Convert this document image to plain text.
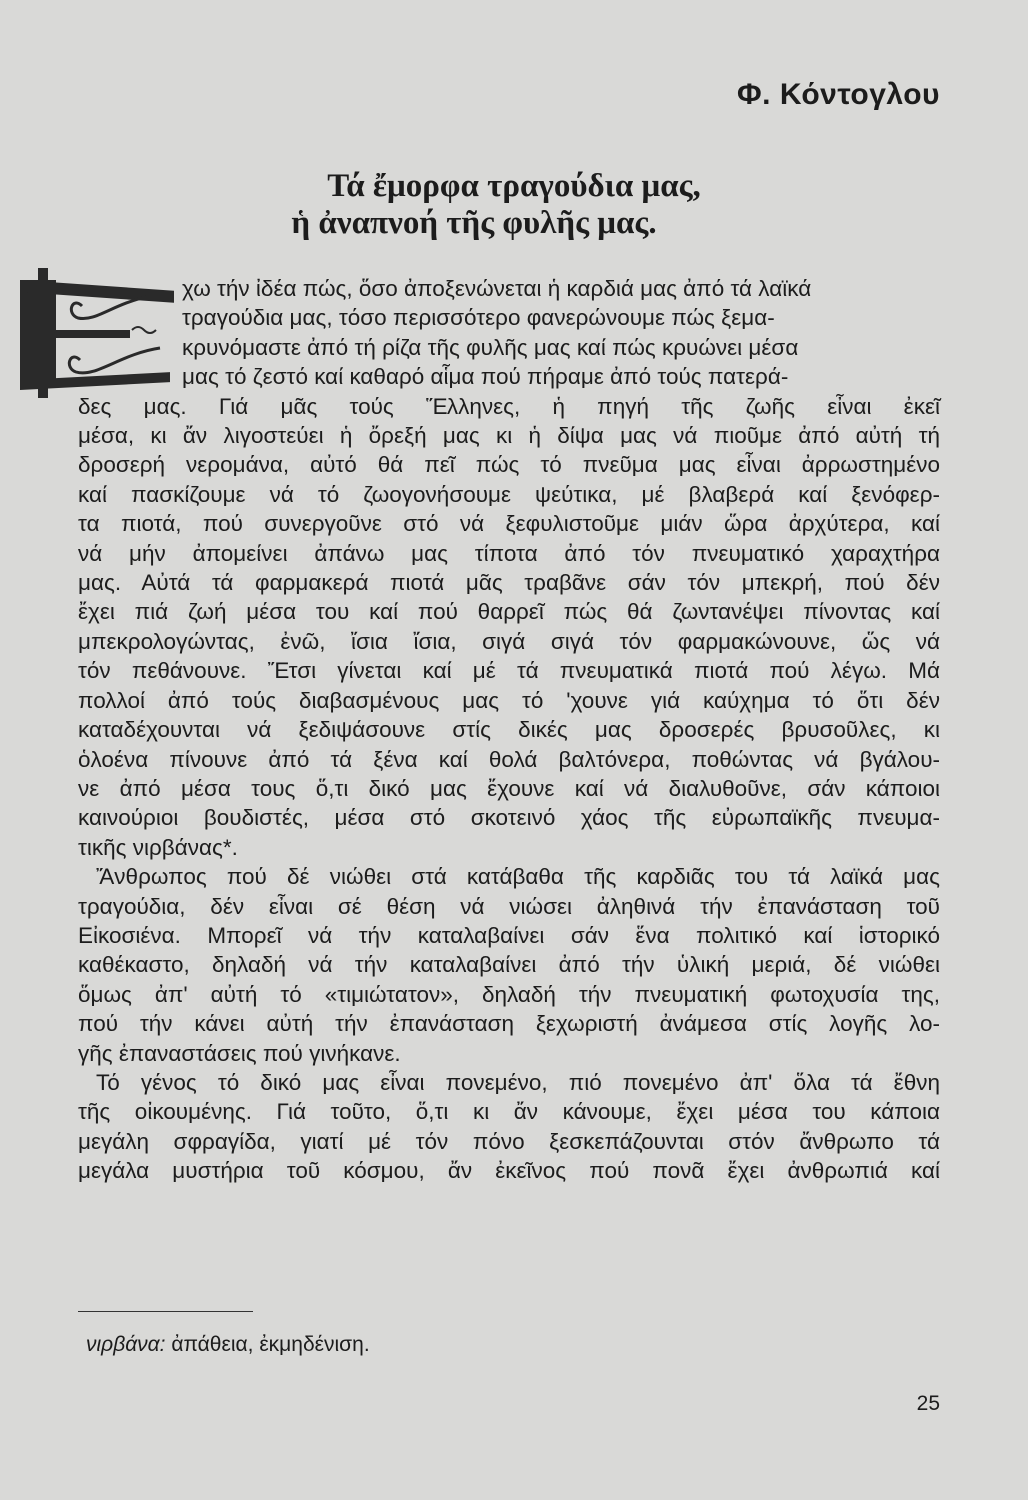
Φ. Κόντογλου
Τά ἔμορφα τραγούδια μας,

ἡ ἀναπνοή τῆς φυλῆς μας.
Ε
χω τήν ἰδέα πώς, ὅσο ἀποξενώνεται ἡ καρδιά μας ἀπό τά λαϊκά
τραγούδια μας, τόσο περισσότερο φανερώνουμε πώς ξεμα-
κρυνόμαστε ἀπό τή ρίζα τῆς φυλῆς μας καί πώς κρυώνει μέσα
μας τό ζεστό καί καθαρό αἷμα πού πήραμε ἀπό τούς πατερά-
δες μας. Γιά μᾶς τούς Ἕλληνες, ἡ πηγή τῆς ζωῆς εἶναι ἐκεῖ
μέσα, κι ἄν λιγοστεύει ἡ ὄρεξή μας κι ἡ δίψα μας νά πιοῦμε ἀπό αὐτή τή
δροσερή νερομάνα, αὐτό θά πεῖ πώς τό πνεῦμα μας εἶναι ἀρρωστημένο
καί πασκίζουμε νά τό ζωογονήσουμε ψεύτικα, μέ βλαβερά καί ξενόφερ-
τα πιοτά, πού συνεργοῦνε στό νά ξεφυλιστοῦμε μιάν ὥρα ἀρχύτερα, καί
νά μήν ἀπομείνει ἀπάνω μας τίποτα ἀπό τόν πνευματικό χαραχτήρα
μας. Αὐτά τά φαρμακερά πιοτά μᾶς τραβᾶνε σάν τόν μπεκρή, πού δέν
ἔχει πιά ζωή μέσα του καί πού θαρρεῖ πώς θά ζωντανέψει πίνοντας καί
μπεκρολογώντας, ἐνῶ, ἴσια ἴσια, σιγά σιγά τόν φαρμακώνουνε, ὥς νά
τόν πεθάνουνε. Ἔτσι γίνεται καί μέ τά πνευματικά πιοτά πού λέγω. Μά
πολλοί ἀπό τούς διαβασμένους μας τό 'χουνε γιά καύχημα τό ὅτι δέν
καταδέχουνται νά ξεδιψάσουνε στίς δικές μας δροσερές βρυσοῦλες, κι
ὁλοένα πίνουνε ἀπό τά ξένα καί θολά βαλτόνερα, ποθώντας νά βγάλου-
νε ἀπό μέσα τους ὅ,τι δικό μας ἔχουνε καί νά διαλυθοῦνε, σάν κάποιοι
καινούριοι βουδιστές, μέσα στό σκοτεινό χάος τῆς εὐρωπαϊκῆς πνευμα-
τικῆς νιρβάνας*.
Ἄνθρωπος πού δέ νιώθει στά κατάβαθα τῆς καρδιᾶς του τά λαϊκά μας
τραγούδια, δέν εἶναι σέ θέση νά νιώσει ἀληθινά τήν ἐπανάσταση τοῦ
Εἰκοσιένα. Μπορεῖ νά τήν καταλαβαίνει σάν ἕνα πολιτικό καί ἱστορικό
καθέκαστο, δηλαδή νά τήν καταλαβαίνει ἀπό τήν ὑλική μεριά, δέ νιώθει
ὅμως ἀπ' αὐτή τό «τιμιώτατον», δηλαδή τήν πνευματική φωτοχυσία της,
πού τήν κάνει αὐτή τήν ἐπανάσταση ξεχωριστή ἀνάμεσα στίς λογῆς λο-
γῆς ἐπαναστάσεις πού γινήκανε.
Τό γένος τό δικό μας εἶναι πονεμένο, πιό πονεμένο ἀπ' ὅλα τά ἔθνη
τῆς οἰκουμένης. Γιά τοῦτο, ὅ,τι κι ἄν κάνουμε, ἔχει μέσα του κάποια
μεγάλη σφραγίδα, γιατί μέ τόν πόνο ξεσκεπάζουνται στόν ἄνθρωπο τά
μεγάλα μυστήρια τοῦ κόσμου, ἄν ἐκεῖνος πού πονᾶ ἔχει ἀνθρωπιά καί
νιρβάνα: ἀπάθεια, ἐκμηδένιση.
25
